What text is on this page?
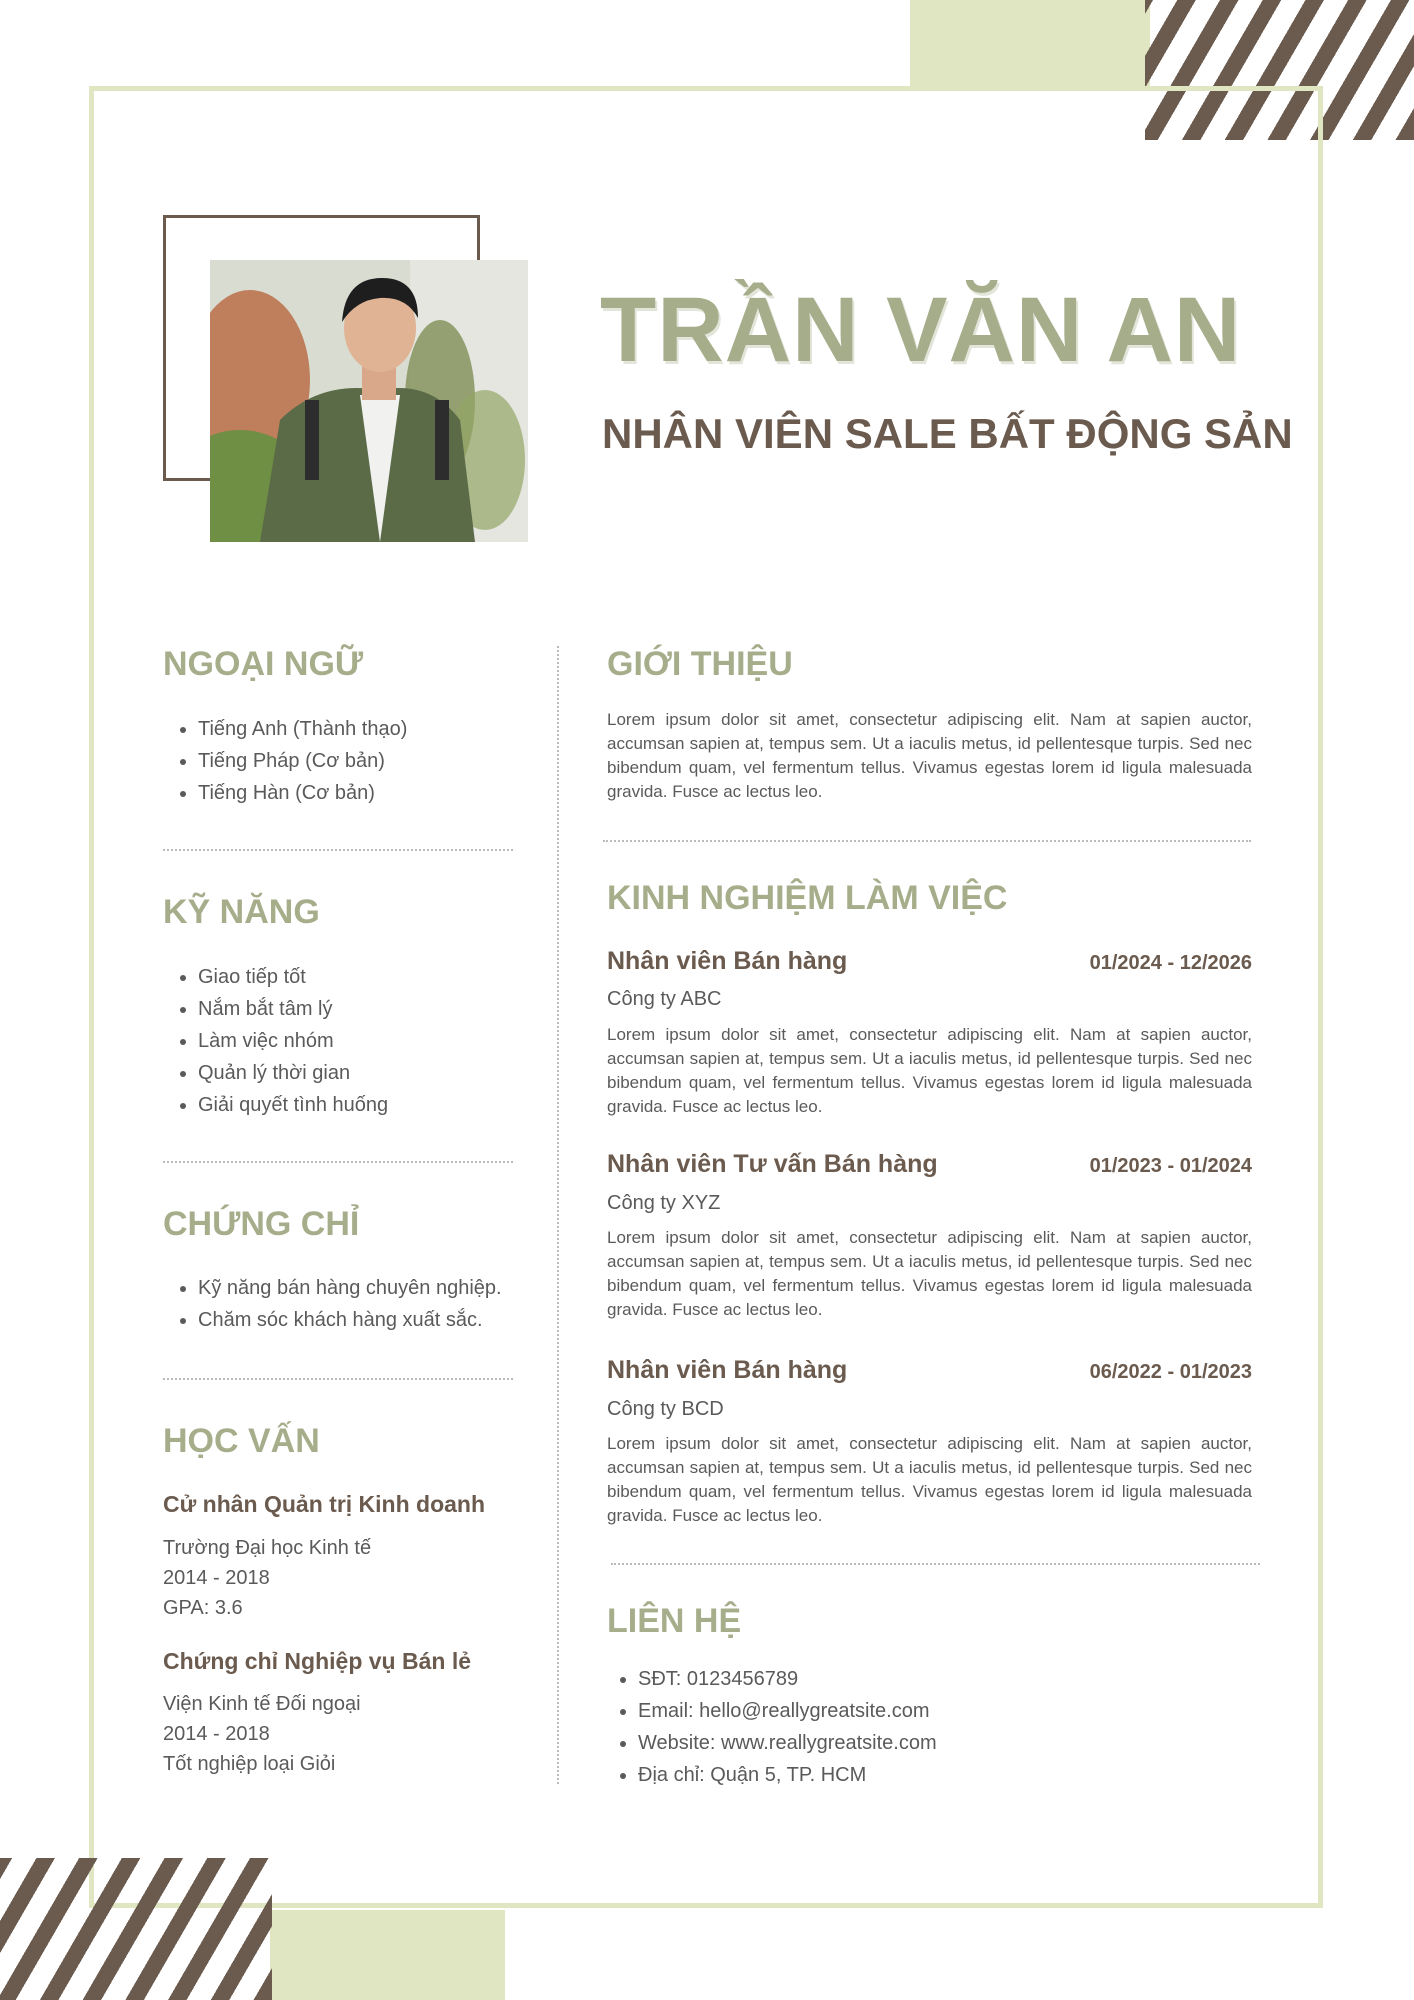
TRẦN VĂN AN
NHÂN VIÊN SALE BẤT ĐỘNG SẢN
NGOẠI NGỮ
• Tiếng Anh (Thành thạo)
• Tiếng Pháp (Cơ bản)
• Tiếng Hàn (Cơ bản)
KỸ NĂNG
• Giao tiếp tốt
• Nắm bắt tâm lý
• Làm việc nhóm
• Quản lý thời gian
• Giải quyết tình huống
CHỨNG CHỈ
• Kỹ năng bán hàng chuyên nghiệp.
• Chăm sóc khách hàng xuất sắc.
HỌC VẤN
Cử nhân Quản trị Kinh doanh
Trường Đại học Kinh tế
2014 - 2018
GPA: 3.6
Chứng chỉ Nghiệp vụ Bán lẻ
Viện Kinh tế Đối ngoại
2014 - 2018
Tốt nghiệp loại Giỏi
GIỚI THIỆU
Lorem ipsum dolor sit amet, consectetur adipiscing elit. Nam at sapien auctor, accumsan sapien at, tempus sem. Ut a iaculis metus, id pellentesque turpis. Sed nec bibendum quam, vel fermentum tellus. Vivamus egestas lorem id ligula malesuada gravida. Fusce ac lectus leo.
KINH NGHIỆM LÀM VIỆC
Nhân viên Bán hàng	01/2024 - 12/2026
Công ty ABC
Lorem ipsum dolor sit amet, consectetur adipiscing elit. Nam at sapien auctor, accumsan sapien at, tempus sem. Ut a iaculis metus, id pellentesque turpis. Sed nec bibendum quam, vel fermentum tellus. Vivamus egestas lorem id ligula malesuada gravida. Fusce ac lectus leo.
Nhân viên Tư vấn Bán hàng	01/2023 - 01/2024
Công ty XYZ
Lorem ipsum dolor sit amet, consectetur adipiscing elit. Nam at sapien auctor, accumsan sapien at, tempus sem. Ut a iaculis metus, id pellentesque turpis. Sed nec bibendum quam, vel fermentum tellus. Vivamus egestas lorem id ligula malesuada gravida. Fusce ac lectus leo.
Nhân viên Bán hàng	06/2022 - 01/2023
Công ty BCD
Lorem ipsum dolor sit amet, consectetur adipiscing elit. Nam at sapien auctor, accumsan sapien at, tempus sem. Ut a iaculis metus, id pellentesque turpis. Sed nec bibendum quam, vel fermentum tellus. Vivamus egestas lorem id ligula malesuada gravida. Fusce ac lectus leo.
LIÊN HỆ
• SĐT: 0123456789
• Email: hello@reallygreatsite.com
• Website: www.reallygreatsite.com
• Địa chỉ: Quận 5, TP. HCM
